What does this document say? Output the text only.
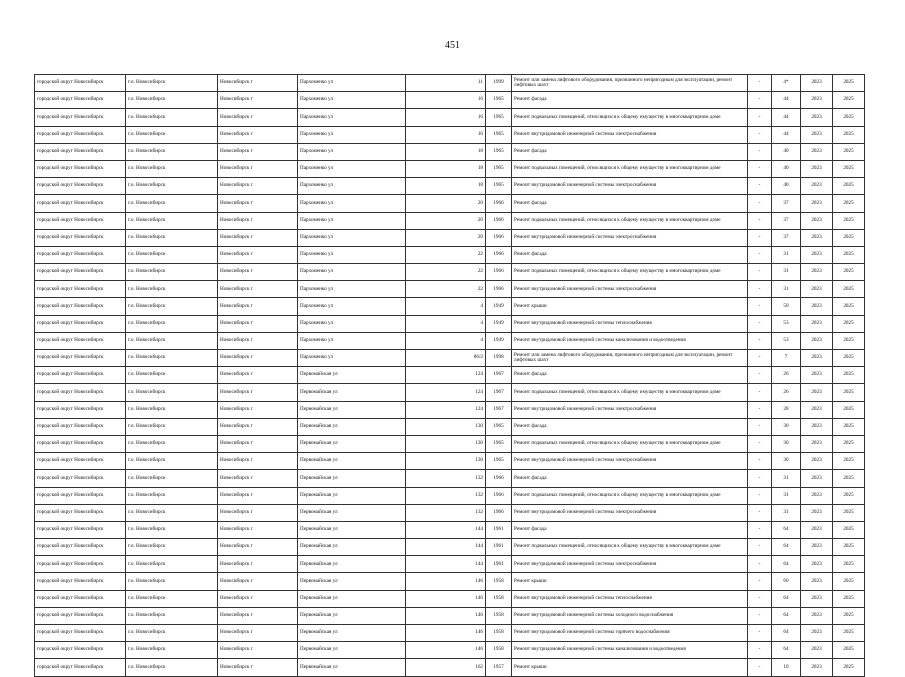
451
городской округ Новосибирск	г.о. Новосибирск	Новосибирск г	Пархоменко ул	11	1999	Ремонт или замена лифтового оборудования, признанного непригодным для эксплуатации, ремонт лифтовых шахт	-	4*	2023	2025
городской округ Новосибирск	г.о. Новосибирск	Новосибирск г	Пархоменко ул	16	1965	Ремонт фасада	-	44	2023	2025
городской округ Новосибирск	г.о. Новосибирск	Новосибирск г	Пархоменко ул	16	1965	Ремонт подвальных помещений, относящихся к общему имуществу в многоквартирном доме	-	44	2023	2025
городской округ Новосибирск	г.о. Новосибирск	Новосибирск г	Пархоменко ул	16	1965	Ремонт внутридомовой инженерной системы электроснабжения	-	44	2023	2025
городской округ Новосибирск	г.о. Новосибирск	Новосибирск г	Пархоменко ул	18	1965	Ремонт фасада	-	40	2023	2025
городской округ Новосибирск	г.о. Новосибирск	Новосибирск г	Пархоменко ул	18	1965	Ремонт подвальных помещений, относящихся к общему имуществу в многоквартирном доме	-	40	2023	2025
городской округ Новосибирск	г.о. Новосибирск	Новосибирск г	Пархоменко ул	18	1965	Ремонт внутридомовой инженерной системы электроснабжения	-	40	2023	2025
городской округ Новосибирск	г.о. Новосибирск	Новосибирск г	Пархоменко ул	20	1966	Ремонт фасада	-	37	2023	2025
городской округ Новосибирск	г.о. Новосибирск	Новосибирск г	Пархоменко ул	20	1966	Ремонт подвальных помещений, относящихся к общему имуществу в многоквартирном доме	-	37	2023	2025
городской округ Новосибирск	г.о. Новосибирск	Новосибирск г	Пархоменко ул	20	1966	Ремонт внутридомовой инженерной системы электроснабжения	-	37	2023	2025
городской округ Новосибирск	г.о. Новосибирск	Новосибирск г	Пархоменко ул	22	1966	Ремонт фасада	-	31	2023	2025
городской округ Новосибирск	г.о. Новосибирск	Новосибирск г	Пархоменко ул	22	1966	Ремонт подвальных помещений, относящихся к общему имуществу в многоквартирном доме	-	31	2023	2025
городской округ Новосибирск	г.о. Новосибирск	Новосибирск г	Пархоменко ул	22	1966	Ремонт внутридомовой инженерной системы электроснабжения	-	31	2023	2025
городской округ Новосибирск	г.о. Новосибирск	Новосибирск г	Пархоменко ул	4	1949	Ремонт крыши	-	50	2023	2025
городской округ Новосибирск	г.о. Новосибирск	Новосибирск г	Пархоменко ул	4	1949	Ремонт внутридомовой инженерной системы теплоснабжения	-	53	2023	2025
городской округ Новосибирск	г.о. Новосибирск	Новосибирск г	Пархоменко ул	4	1949	Ремонт внутридомовой инженерной системы канализования и водоотведения	-	53	2023	2025
городской округ Новосибирск	г.о. Новосибирск	Новосибирск г	Пархоменко ул	86/2	1998	Ремонт или замена лифтового оборудования, признанного непригодным для эксплуатации, ремонт лифтовых шахт	-	7	2023	2025
городской округ Новосибирск	г.о. Новосибирск	Новосибирск г	Первомайская ул	124	1967	Ремонт фасада	-	26	2023	2025
городской округ Новосибирск	г.о. Новосибирск	Новосибирск г	Первомайская ул	124	1967	Ремонт подвальных помещений, относящихся к общему имуществу в многоквартирном доме	-	26	2023	2025
городской округ Новосибирск	г.о. Новосибирск	Новосибирск г	Первомайская ул	124	1967	Ремонт внутридомовой инженерной системы электроснабжения	-	28	2023	2025
городской округ Новосибирск	г.о. Новосибирск	Новосибирск г	Первомайская ул	130	1965	Ремонт фасада	-	30	2023	2025
городской округ Новосибирск	г.о. Новосибирск	Новосибирск г	Первомайская ул	130	1965	Ремонт подвальных помещений, относящихся к общему имуществу в многоквартирном доме	-	30	2023	2025
городской округ Новосибирск	г.о. Новосибирск	Новосибирск г	Первомайская ул	130	1965	Ремонт внутридомовой инженерной системы электроснабжения	-	30	2023	2025
городской округ Новосибирск	г.о. Новосибирск	Новосибирск г	Первомайская ул	132	1966	Ремонт фасада	-	31	2023	2025
городской округ Новосибирск	г.о. Новосибирск	Новосибирск г	Первомайская ул	132	1966	Ремонт подвальных помещений, относящихся к общему имуществу в многоквартирном доме	-	31	2023	2025
городской округ Новосибирск	г.о. Новосибирск	Новосибирск г	Первомайская ул	132	1966	Ремонт внутридомовой инженерной системы электроснабжения	-	31	2023	2025
городской округ Новосибирск	г.о. Новосибирск	Новосибирск г	Первомайская ул	144	1961	Ремонт фасада	-	64	2023	2025
городской округ Новосибирск	г.о. Новосибирск	Новосибирск г	Первомайская ул	144	1961	Ремонт подвальных помещений, относящихся к общему имуществу в многоквартирном доме	-	64	2023	2025
городской округ Новосибирск	г.о. Новосибирск	Новосибирск г	Первомайская ул	144	1961	Ремонт внутридомовой инженерной системы электроснабжения	-	64	2023	2025
городской округ Новосибирск	г.о. Новосибирск	Новосибирск г	Первомайская ул	146	1958	Ремонт крыши	-	60	2023	2025
городской округ Новосибирск	г.о. Новосибирск	Новосибирск г	Первомайская ул	146	1958	Ремонт внутридомовой инженерной системы теплоснабжения	-	64	2023	2025
городской округ Новосибирск	г.о. Новосибирск	Новосибирск г	Первомайская ул	146	1958	Ремонт внутридомовой инженерной системы холодного водоснабжения	-	64	2023	2025
городской округ Новосибирск	г.о. Новосибирск	Новосибирск г	Первомайская ул	146	1958	Ремонт внутридомовой инженерной системы горячего водоснабжения	-	64	2023	2025
городской округ Новосибирск	г.о. Новосибирск	Новосибирск г	Первомайская ул	146	1958	Ремонт внутридомовой инженерной системы канализования и водоотведения	-	64	2023	2025
городской округ Новосибирск	г.о. Новосибирск	Новосибирск г	Первомайская ул	162	1957	Ремонт крыши	-	10	2023	2025
